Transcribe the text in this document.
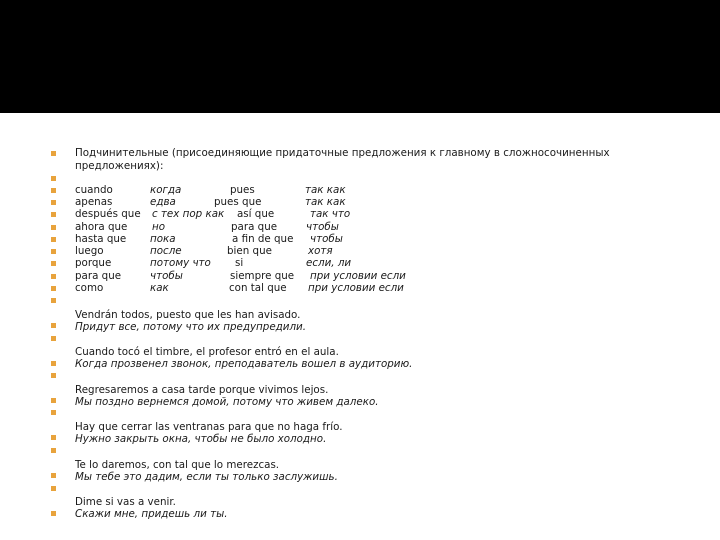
Подчинительные (присоединяющие придаточные предложения к главному в сложносочиненных предложениях):
cuando	когда	pues	так как
apenas	едва	pues que	так как
después que с тех пор как así que	так что
ahora que но	para que	чтобы
hasta que пока	a fin de que чтобы
luego	после	bien que	хотя
porque	потому что si	если, ли
para que	чтобы	siempre que при условии если
como	как	con tal que при условии если
Vendrán todos, puesto que les han avisado.
Придут все, потому что их предупредили.
Cuando tocó el timbre, el profesor entró en el aula.
Когда прозвенел звонок, преподаватель вошел в аудиторию.
Regresaremos a casa tarde porque vivimos lejos.
Мы поздно вернемся домой, потому что живем далеко.
Hay que cerrar las ventranas para que no haga frío.
Нужно закрыть окна, чтобы не было холодно.
Te lo daremos, con tal que lo merezcas.
Мы тебе это дадим, если ты только заслужишь.
Dime si vas a venir.
Скажи мне, придешь ли ты.
